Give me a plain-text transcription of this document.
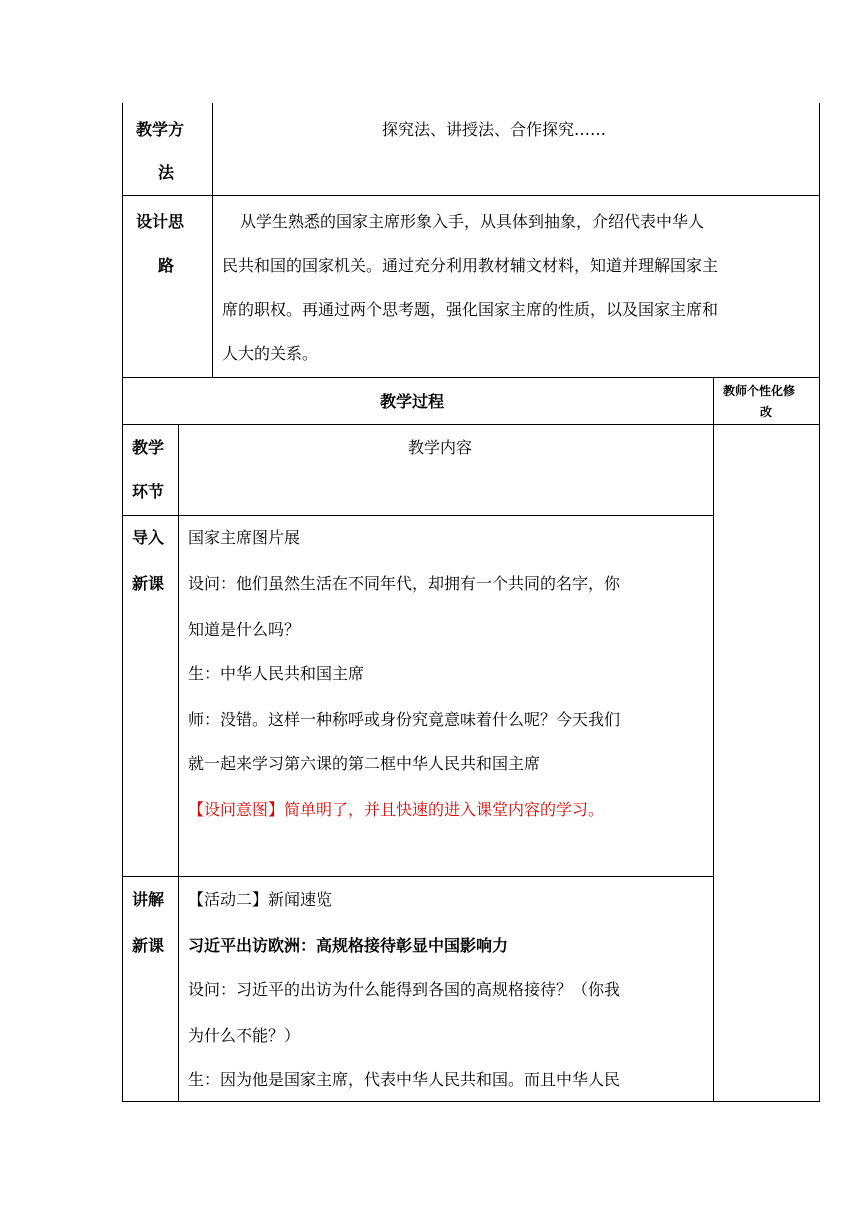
教学方
法
探究法、讲授法、合作探究……
设计思
路
从学生熟悉的国家主席形象入手，从具体到抽象，介绍代表中华人
民共和国的国家机关。通过充分利用教材辅文材料，知道并理解国家主
席的职权。再通过两个思考题，强化国家主席的性质，以及国家主席和
人大的关系。
教学过程
教师个性化修
改
教学
环节
教学内容
导入
新课
国家主席图片展
设问：他们虽然生活在不同年代，却拥有一个共同的名字，你
知道是什么吗？
生：中华人民共和国主席
师：没错。这样一种称呼或身份究竟意味着什么呢？今天我们
就一起来学习第六课的第二框中华人民共和国主席
【设问意图】简单明了，并且快速的进入课堂内容的学习。
讲解
新课
【活动二】新闻速览
习近平出访欧洲：高规格接待彰显中国影响力
设问：习近平的出访为什么能得到各国的高规格接待？（你我
为什么不能？）
生：因为他是国家主席，代表中华人民共和国。而且中华人民
